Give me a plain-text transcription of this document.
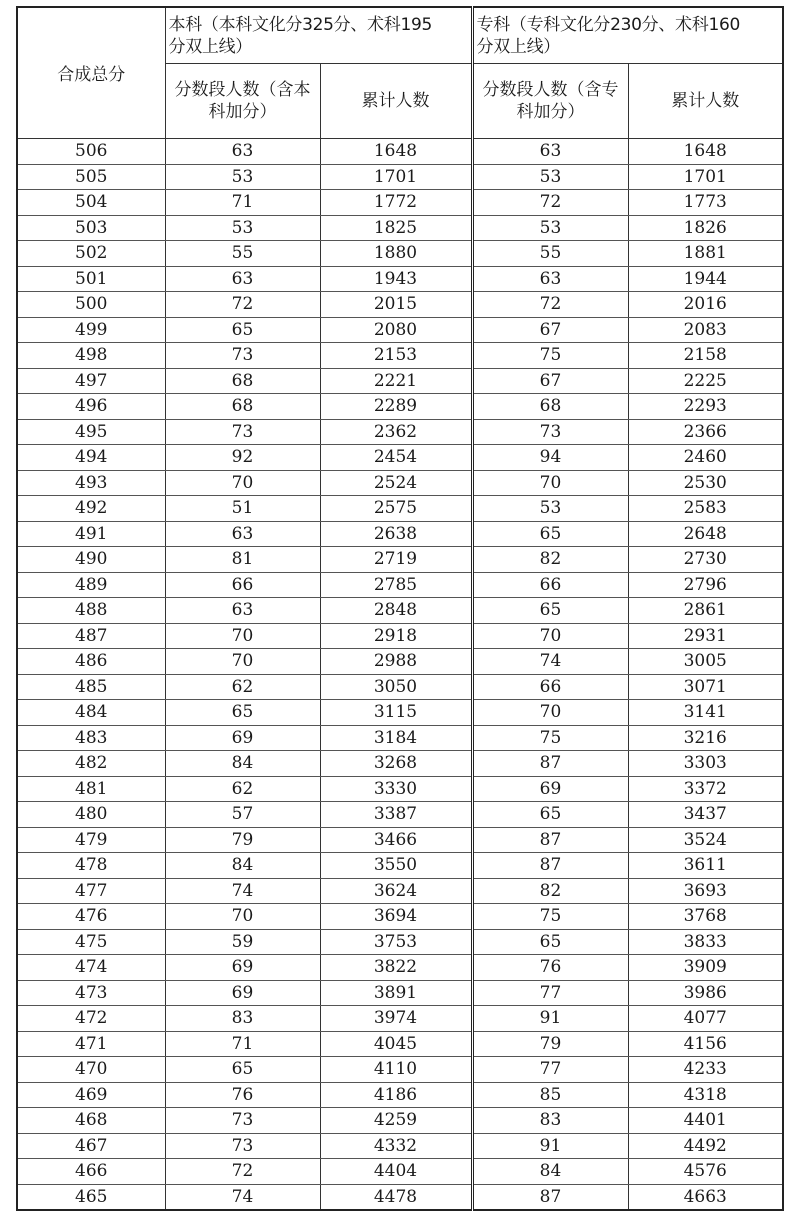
合成总分	本科（本科文化分325分、术科195
分双上线）		专科（专科文化分230分、术科160
分双上线）	

	分数段人数（含本科加分）	累计人数	分数段人数（含专科加分）	累计人数
506	63	1648	63	1648
505	53	1701	53	1701
504	71	1772	72	1773
503	53	1825	53	1826
502	55	1880	55	1881
501	63	1943	63	1944
500	72	2015	72	2016
499	65	2080	67	2083
498	73	2153	75	2158
497	68	2221	67	2225
496	68	2289	68	2293
495	73	2362	73	2366
494	92	2454	94	2460
493	70	2524	70	2530
492	51	2575	53	2583
491	63	2638	65	2648
490	81	2719	82	2730
489	66	2785	66	2796
488	63	2848	65	2861
487	70	2918	70	2931
486	70	2988	74	3005
485	62	3050	66	3071
484	65	3115	70	3141
483	69	3184	75	3216
482	84	3268	87	3303
481	62	3330	69	3372
480	57	3387	65	3437
479	79	3466	87	3524
478	84	3550	87	3611
477	74	3624	82	3693
476	70	3694	75	3768
475	59	3753	65	3833
474	69	3822	76	3909
473	69	3891	77	3986
472	83	3974	91	4077
471	71	4045	79	4156
470	65	4110	77	4233
469	76	4186	85	4318
468	73	4259	83	4401
467	73	4332	91	4492
466	72	4404	84	4576
465	74	4478	87	4663
